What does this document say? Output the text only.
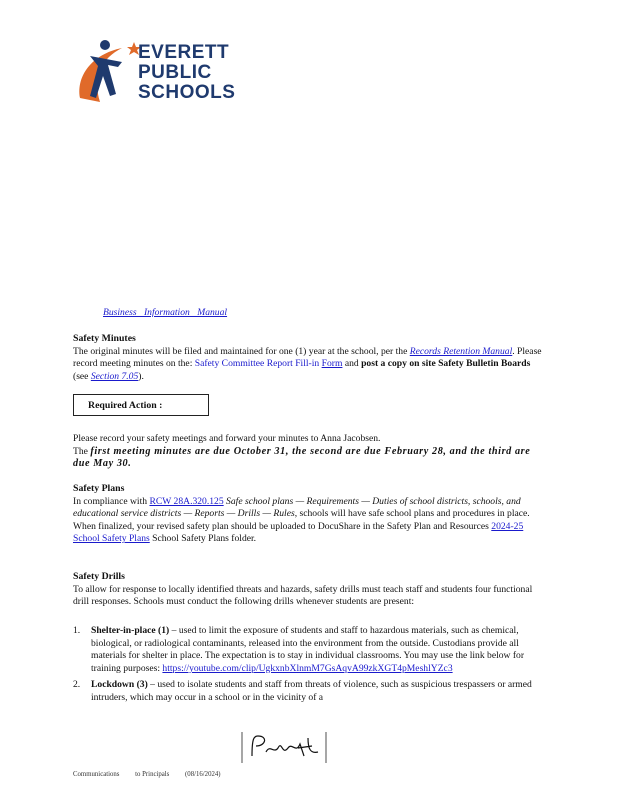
EVERETT
PUBLIC
SCHOOLS
Business Information Manual
Safety Minutes
The original minutes will be filed and maintained for one (1) year at the school, per the Records Retention Manual. Please record meeting minutes on the: Safety Committee Report Fill-in Form and post a copy on site Safety Bulletin Boards (see Section 7.05).
Required Action :
Please record your safety meetings and forward your minutes to Anna Jacobsen.
The first meeting minutes are due October 31, the second are due February 28, and the third are due May 30.
Safety Plans
In compliance with RCW 28A.320.125 Safe school plans — Requirements — Duties of school districts, schools, and educational service districts — Reports — Drills — Rules, schools will have safe school plans and procedures in place. When finalized, your revised safety plan should be uploaded to DocuShare in the Safety Plan and Resources 2024-25 School Safety Plans School Safety Plans folder.
Safety Drills
To allow for response to locally identified threats and hazards, safety drills must teach staff and students four functional drill responses. Schools must conduct the following drills whenever students are present:
1. Shelter-in-place (1) – used to limit the exposure of students and staff to hazardous materials, such as chemical, biological, or radiological contaminants, released into the environment from the outside. Custodians provide all materials for shelter in place. The expectation is to stay in individual classrooms. You may use the link below for training purposes: https://youtube.com/clip/UgkxnbXlnmM7GsAqvA99zkXGT4pMeshlYZc3
2. Lockdown (3) – used to isolate students and staff from threats of violence, such as suspicious trespassers or armed intruders, which may occur in a school or in the vicinity of a
Communications to Principals (08/16/2024)
